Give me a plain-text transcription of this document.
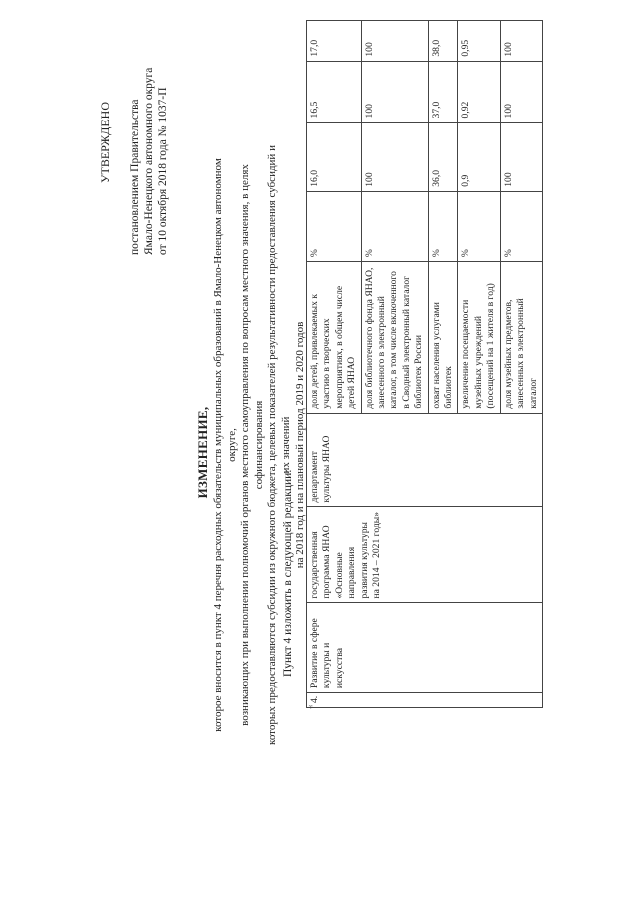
УТВЕРЖДЕНО постановлением Правительства Ямало-Ненецкого автономного округа от 10 октября 2018 года № 1037-П
ИЗМЕНЕНИЕ, которое вносится в пункт 4 перечня расходных обязательств муниципальных образований в Ямало-Ненецком автономном округе, возникающих при выполнении полномочий органов местного самоуправления по вопросам местного значения, в целях софинансирования которых предоставляются субсидии из окружного бюджета, целевых показателей результативности предоставления субсидий и их значений на 2018 год и на плановый период 2019 и 2020 годов
Пункт 4 изложить в следующей редакции:
«
4.	Развитие в сфере культуры и искусства	государственная программа ЯНАО «Основные направления развития культуры на 2014 – 2021 годы»	департамент культуры ЯНАО	доля детей, привлекаемых к участию в творческих мероприятиях, в общем числе детей ЯНАО	%	16,0	16,5	17,0
				доля библиотечного фонда ЯНАО, занесенного в электронный каталог, в том числе включенного в Сводный электронный каталог библиотек России	%	100	100	100
				охват населения услугами библиотек	%	36,0	37,0	38,0
				увеличение посещаемости музейных учреждений (посещений на 1 жителя в год)	%	0,9	0,92	0,95
				доля музейных предметов, занесенных в электронный каталог	%	100	100	100
